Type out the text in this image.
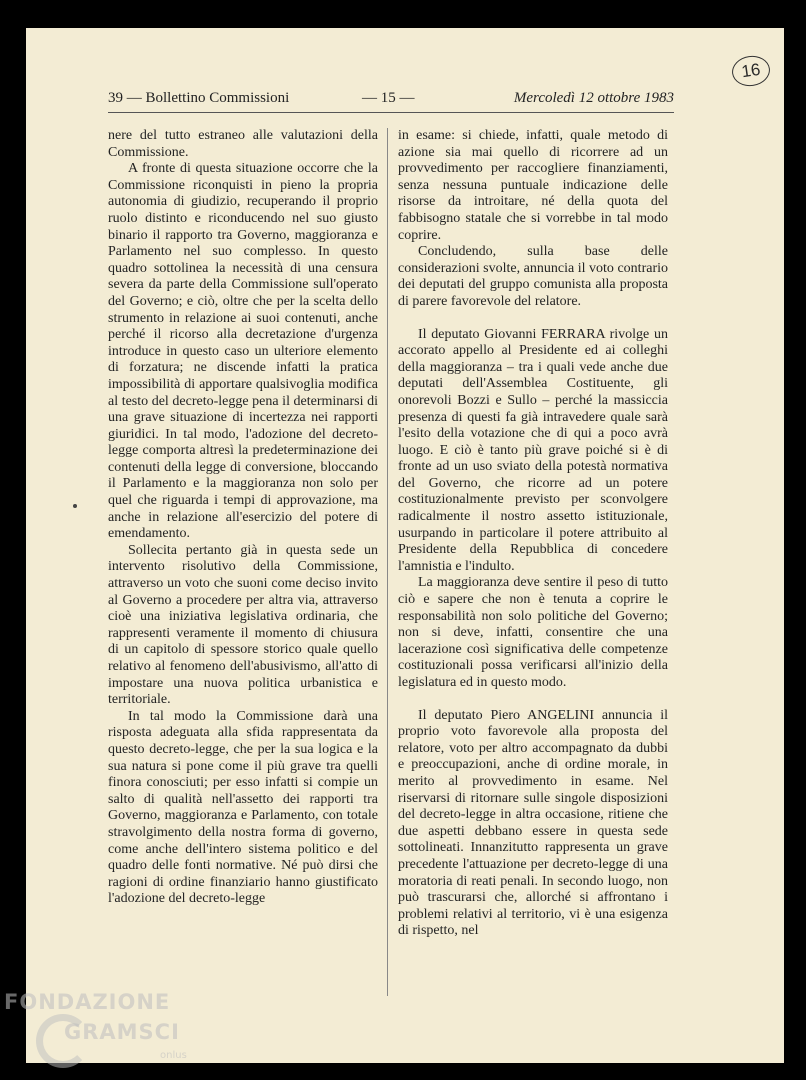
16
39 — Bollettino Commissioni	— 15 —	Mercoledì 12 ottobre 1983

nere del tutto estraneo alle valutazioni della Commissione.

A fronte di questa situazione occorre che la Commissione riconquisti in pieno la propria autonomia di giudizio, recuperando il proprio ruolo distinto e riconducendo nel suo giusto binario il rapporto tra Governo, maggioranza e Parlamento nel suo complesso. In questo quadro sottolinea la necessità di una censura severa da parte della Commissione sull'operato del Governo; e ciò, oltre che per la scelta dello strumento in relazione ai suoi contenuti, anche perché il ricorso alla decretazione d'urgenza introduce in questo caso un ulteriore elemento di forzatura; ne discende infatti la pratica impossibilità di apportare qualsivoglia modifica al testo del decreto-legge pena il determinarsi di una grave situazione di incertezza nei rapporti giuridici. In tal modo, l'adozione del decreto-legge comporta altresì la predeterminazione dei contenuti della legge di conversione, bloccando il Parlamento e la maggioranza non solo per quel che riguarda i tempi di approvazione, ma anche in relazione all'esercizio del potere di emendamento.

Sollecita pertanto già in questa sede un intervento risolutivo della Commissione, attraverso un voto che suoni come deciso invito al Governo a procedere per altra via, attraverso cioè una iniziativa legislativa ordinaria, che rappresenti veramente il momento di chiusura di un capitolo di spessore storico quale quello relativo al fenomeno dell'abusivismo, all'atto di impostare una nuova politica urbanistica e territoriale.

In tal modo la Commissione darà una risposta adeguata alla sfida rappresentata da questo decreto-legge, che per la sua logica e la sua natura si pone come il più grave tra quelli finora conosciuti; per esso infatti si compie un salto di qualità nell'assetto dei rapporti tra Governo, maggioranza e Parlamento, con totale stravolgimento della nostra forma di governo, come anche dell'intero sistema politico e del quadro delle fonti normative. Né può dirsi che ragioni di ordine finanziario hanno giustificato l'adozione del decreto-legge

in esame: si chiede, infatti, quale metodo di azione sia mai quello di ricorrere ad un provvedimento per raccogliere finanziamenti, senza nessuna puntuale indicazione delle risorse da introitare, né della quota del fabbisogno statale che si vorrebbe in tal modo coprire.

Concludendo, sulla base delle considerazioni svolte, annuncia il voto contrario dei deputati del gruppo comunista alla proposta di parere favorevole del relatore.

Il deputato Giovanni FERRARA rivolge un accorato appello al Presidente ed ai colleghi della maggioranza – tra i quali vede anche due deputati dell'Assemblea Costituente, gli onorevoli Bozzi e Sullo – perché la massiccia presenza di questi fa già intravedere quale sarà l'esito della votazione che di qui a poco avrà luogo. E ciò è tanto più grave poiché si è di fronte ad un uso sviato della potestà normativa del Governo, che ricorre ad un potere costituzionalmente previsto per sconvolgere radicalmente il nostro assetto istituzionale, usurpando in particolare il potere attribuito al Presidente della Repubblica di concedere l'amnistia e l'indulto.

La maggioranza deve sentire il peso di tutto ciò e sapere che non è tenuta a coprire le responsabilità non solo politiche del Governo; non si deve, infatti, consentire che una lacerazione così significativa delle competenze costituzionali possa verificarsi all'inizio della legislatura ed in questo modo.

Il deputato Piero ANGELINI annuncia il proprio voto favorevole alla proposta del relatore, voto per altro accompagnato da dubbi e preoccupazioni, anche di ordine morale, in merito al provvedimento in esame. Nel riservarsi di ritornare sulle singole disposizioni del decreto-legge in altra occasione, ritiene che due aspetti debbano essere in questa sede sottolineati. Innanzitutto rappresenta un grave precedente l'attuazione per decreto-legge di una moratoria di reati penali. In secondo luogo, non può trascurarsi che, allorché si affrontano i problemi relativi al territorio, vi è una esigenza di rispetto, nel

FONDAZIONE
GRAMSCI
onlus
